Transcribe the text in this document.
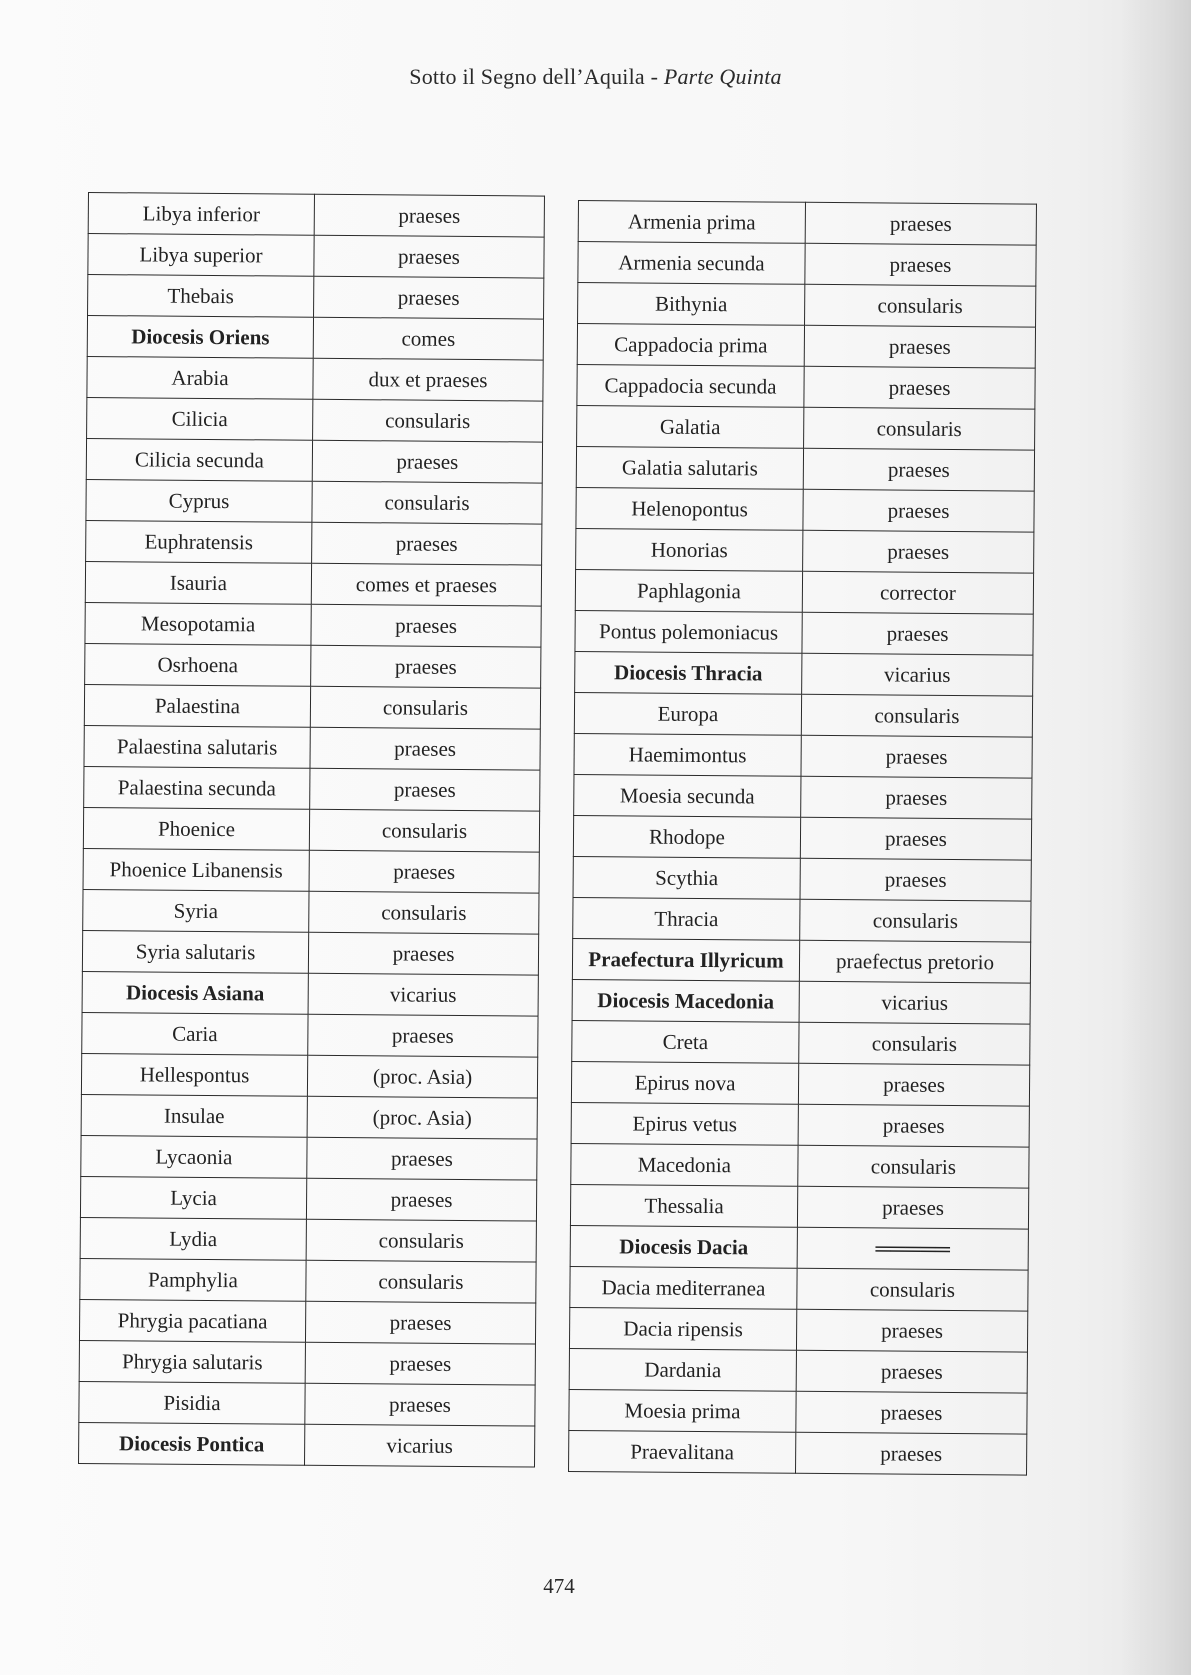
Sotto il Segno dell’Aquila - Parte Quinta
Libya inferior	praeses
Libya superior	praeses
Thebais	praeses
Diocesis Oriens	comes
Arabia	dux et praeses
Cilicia	consularis
Cilicia secunda	praeses
Cyprus	consularis
Euphratensis	praeses
Isauria	comes et praeses
Mesopotamia	praeses
Osrhoena	praeses
Palaestina	consularis
Palaestina salutaris	praeses
Palaestina secunda	praeses
Phoenice	consularis
Phoenice Libanensis	praeses
Syria	consularis
Syria salutaris	praeses
Diocesis Asiana	vicarius
Caria	praeses
Hellespontus	(proc. Asia)
Insulae	(proc. Asia)
Lycaonia	praeses
Lycia	praeses
Lydia	consularis
Pamphylia	consularis
Phrygia pacatiana	praeses
Phrygia salutaris	praeses
Pisidia	praeses
Diocesis Pontica	vicarius
Armenia prima	praeses
Armenia secunda	praeses
Bithynia	consularis
Cappadocia prima	praeses
Cappadocia secunda	praeses
Galatia	consularis
Galatia salutaris	praeses
Helenopontus	praeses
Honorias	praeses
Paphlagonia	corrector
Pontus polemoniacus	praeses
Diocesis Thracia	vicarius
Europa	consularis
Haemimontus	praeses
Moesia secunda	praeses
Rhodope	praeses
Scythia	praeses
Thracia	consularis
Praefectura Illyricum	praefectus pretorio
Diocesis Macedonia	vicarius
Creta	consularis
Epirus nova	praeses
Epirus vetus	praeses
Macedonia	consularis
Thessalia	praeses
Diocesis Dacia	═════
Dacia mediterranea	consularis
Dacia ripensis	praeses
Dardania	praeses
Moesia prima	praeses
Praevalitana	praeses
474
